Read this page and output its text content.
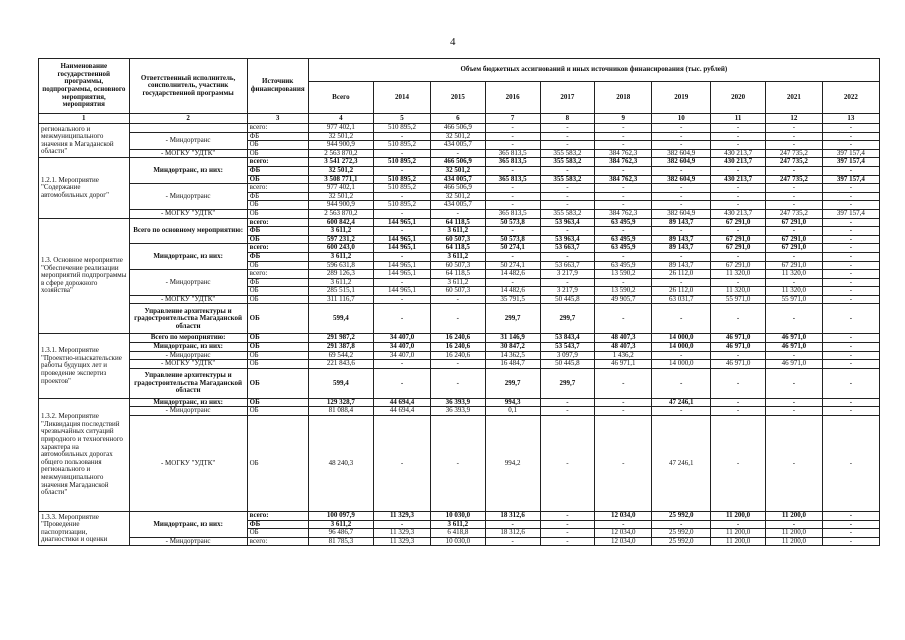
4
Наименование государственной программы, подпрограммы, основного мероприятия, мероприятия	Ответственный исполнитель, соисполнитель, участник государственной программы	Источник финансирования	Объем бюджетных ассигнований и иных источников финансирования (тыс. рублей)									
			Всего	2014	2015	2016	2017	2018	2019	2020	2021	2022
1	2	3	4	5	6	7	8	9	10	11	12	13
регионального и межмуниципального значения в Магаданской области"		всего:	977 402,1	510 895,2	466 506,9	-	-	-	-	-	-	-
	- Миндортранс	ФБ	32 501,2	-	32 501,2	-	-	-	-	-	-	-
		ОБ	944 900,9	510 895,2	434 005,7	-	-	-	-	-	-	-
	- МОГКУ "УДТК"	ОБ	2 563 870,2	-	-	365 813,5	355 583,2	384 762,3	382 604,9	430 213,7	247 735,2	397 157,4
1.2.1. Мероприятие "Содержание автомобильных дорог"	Миндортранс, из них:	всего:	3 541 272,3	510 895,2	466 506,9	365 813,5	355 583,2	384 762,3	382 604,9	430 213,7	247 735,2	397 157,4
		ФБ	32 501,2	-	32 501,2	-	-	-	-	-	-	-
		ОБ	3 508 771,1	510 895,2	434 005,7	365 813,5	355 583,2	384 762,3	382 604,9	430 213,7	247 735,2	397 157,4
	- Миндортранс	всего:	977 402,1	510 895,2	466 506,9	-	-	-	-	-	-	-
		ФБ	32 501,2	-	32 501,2	-	-	-	-	-	-	-
		ОБ	944 900,9	510 895,2	434 005,7	-	-	-	-	-	-	-
	- МОГКУ "УДТК"	ОБ	2 563 870,2	-	-	365 813,5	355 583,2	384 762,3	382 604,9	430 213,7	247 735,2	397 157,4
1.3. Основное мероприятие "Обеспечение реализации мероприятий подпрограммы в сфере дорожного хозяйства"	Всего по основному мероприятию:	всего:	600 842,4	144 965,1	64 118,5	50 573,8	53 963,4	63 495,9	89 143,7	67 291,0	67 291,0	-
		ФБ	3 611,2	-	3 611,2	-	-	-	-	-	-	-
		ОБ	597 231,2	144 965,1	60 507,3	50 573,8	53 963,4	63 495,9	89 143,7	67 291,0	67 291,0	-
	Миндортранс, из них:	всего:	600 243,0	144 965,1	64 118,5	50 274,1	53 663,7	63 495,9	89 143,7	67 291,0	67 291,0	-
		ФБ	3 611,2	-	3 611,2	-	-	-	-	-	-	-
		ОБ	596 631,8	144 965,1	60 507,3	50 274,1	53 663,7	63 495,9	89 143,7	67 291,0	67 291,0	-
	- Миндортранс	всего:	289 126,3	144 965,1	64 118,5	14 482,6	3 217,9	13 590,2	26 112,0	11 320,0	11 320,0	-
		ФБ	3 611,2	-	3 611,2	-	-	-	-	-	-	-
		ОБ	285 515,1	144 965,1	60 507,3	14 482,6	3 217,9	13 590,2	26 112,0	11 320,0	11 320,0	-
	- МОГКУ "УДТК"	ОБ	311 116,7	-	-	35 791,5	50 445,8	49 905,7	63 031,7	55 971,0	55 971,0	-
	Управление архитектуры и градостроительства Магаданской области	ОБ	599,4	-	-	299,7	299,7	-	-	-	-	-
1.3.1. Мероприятие "Проектно-изыскательские работы будущих лет и проведение экспертиз проектов"	Всего по мероприятию:	ОБ	291 987,2	34 407,0	16 240,6	31 146,9	53 843,4	48 407,3	14 000,0	46 971,0	46 971,0	-
	Миндортранс, из них:	ОБ	291 387,8	34 407,0	16 240,6	30 847,2	53 543,7	48 407,3	14 000,0	46 971,0	46 971,0	-
	- Миндортранс	ОБ	69 544,2	34 407,0	16 240,6	14 362,5	3 097,9	1 436,2	-	-	-	-
	- МОГКУ "УДТК"	ОБ	221 843,6	-	-	16 484,7	50 445,8	46 971,1	14 000,0	46 971,0	46 971,0	-
	Управление архитектуры и градостроительства Магаданской области	ОБ	599,4	-	-	299,7	299,7	-	-	-	-	-
1.3.2. Мероприятие "Ликвидация последствий чрезвычайных ситуаций природного и техногенного характера на автомобильных дорогах общего пользования регионального и межмуниципального значения Магаданской области"	Миндортранс, из них:	ОБ	129 328,7	44 694,4	36 393,9	994,3	-	-	47 246,1	-	-	-
	- Миндортранс	ОБ	81 088,4	44 694,4	36 393,9	0,1	-	-	-	-	-	-
	- МОГКУ "УДТК"	ОБ	48 240,3	-	-	994,2	-	-	47 246,1	-	-	-
1.3.3. Мероприятие "Проведение паспортизации, диагностики и оценки	Миндортранс, из них:	всего:	100 097,9	11 329,3	10 030,0	18 312,6	-	12 034,0	25 992,0	11 200,0	11 200,0	-
		ФБ	3 611,2	-	3 611,2	-	-	-	-	-	-	-
		ОБ	96 486,7	11 329,3	6 418,8	18 312,6	-	12 034,0	25 992,0	11 200,0	11 200,0	-
	- Миндортранс	всего:	81 785,3	11 329,3	10 030,0	-	-	12 034,0	25 992,0	11 200,0	11 200,0	-
